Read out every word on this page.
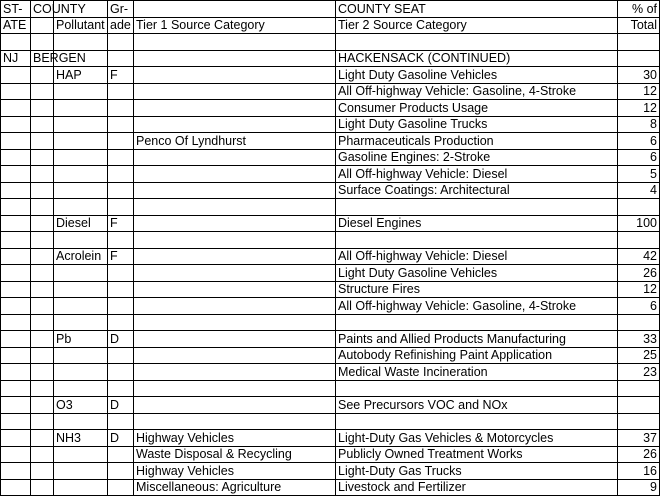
ST-	COUNTY		Gr-		COUNTY SEAT	% of
ATE		Pollutant	ade	Tier 1 Source Category	Tier 2 Source Category	Total

NJ	BERGEN				HACKENSACK (CONTINUED)	
		HAP	F		Light Duty Gasoline Vehicles	30
					All Off-highway Vehicle: Gasoline, 4-Stroke	12
					Consumer Products Usage	12
					Light Duty Gasoline Trucks	8
				Penco Of Lyndhurst	Pharmaceuticals Production	6
					Gasoline Engines: 2-Stroke	6
					All Off-highway Vehicle: Diesel	5
					Surface Coatings: Architectural	4

		Diesel	F		Diesel Engines	100

		Acrolein	F		All Off-highway Vehicle: Diesel	42
					Light Duty Gasoline Vehicles	26
					Structure Fires	12
					All Off-highway Vehicle: Gasoline, 4-Stroke	6

		Pb	D		Paints and Allied Products Manufacturing	33
					Autobody Refinishing Paint Application	25
					Medical Waste Incineration	23

		O3	D		See Precursors VOC and NOx	

		NH3	D	Highway Vehicles	Light-Duty Gas Vehicles & Motorcycles	37
				Waste Disposal & Recycling	Publicly Owned Treatment Works	26
				Highway Vehicles	Light-Duty Gas Trucks	16
				Miscellaneous: Agriculture	Livestock and Fertilizer	9
